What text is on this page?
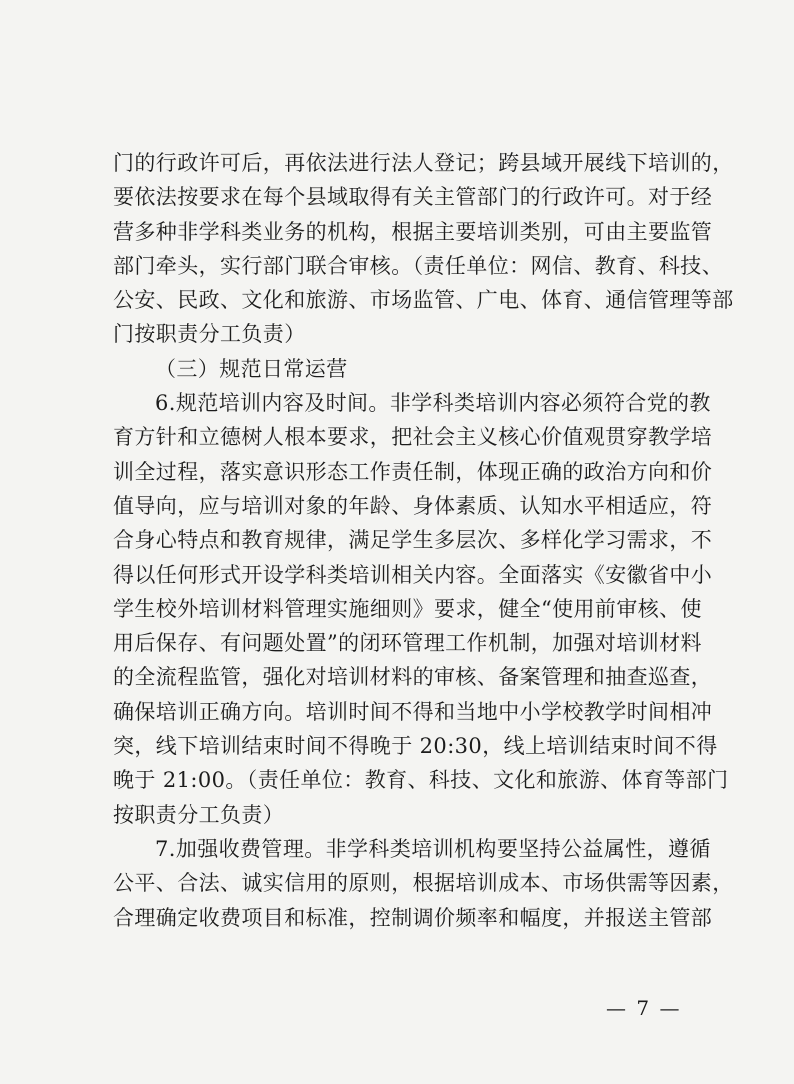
门的行政许可后，再依法进行法人登记；跨县域开展线下培训的，
要依法按要求在每个县域取得有关主管部门的行政许可。对于经
营多种非学科类业务的机构，根据主要培训类别，可由主要监管
部门牵头，实行部门联合审核。（责任单位：网信、教育、科技、
公安、民政、文化和旅游、市场监管、广电、体育、通信管理等部
门按职责分工负责）
（三）规范日常运营
6.规范培训内容及时间。非学科类培训内容必须符合党的教
育方针和立德树人根本要求，把社会主义核心价值观贯穿教学培
训全过程，落实意识形态工作责任制，体现正确的政治方向和价
值导向，应与培训对象的年龄、身体素质、认知水平相适应，符
合身心特点和教育规律，满足学生多层次、多样化学习需求，不
得以任何形式开设学科类培训相关内容。全面落实《安徽省中小
学生校外培训材料管理实施细则》要求，健全“使用前审核、使
用后保存、有问题处置”的闭环管理工作机制，加强对培训材料
的全流程监管，强化对培训材料的审核、备案管理和抽查巡查，
确保培训正确方向。培训时间不得和当地中小学校教学时间相冲
突，线下培训结束时间不得晚于 20:30，线上培训结束时间不得
晚于 21:00。（责任单位：教育、科技、文化和旅游、体育等部门
按职责分工负责）
7.加强收费管理。非学科类培训机构要坚持公益属性，遵循
公平、合法、诚实信用的原则，根据培训成本、市场供需等因素，
合理确定收费项目和标准，控制调价频率和幅度，并报送主管部
— 7 —
